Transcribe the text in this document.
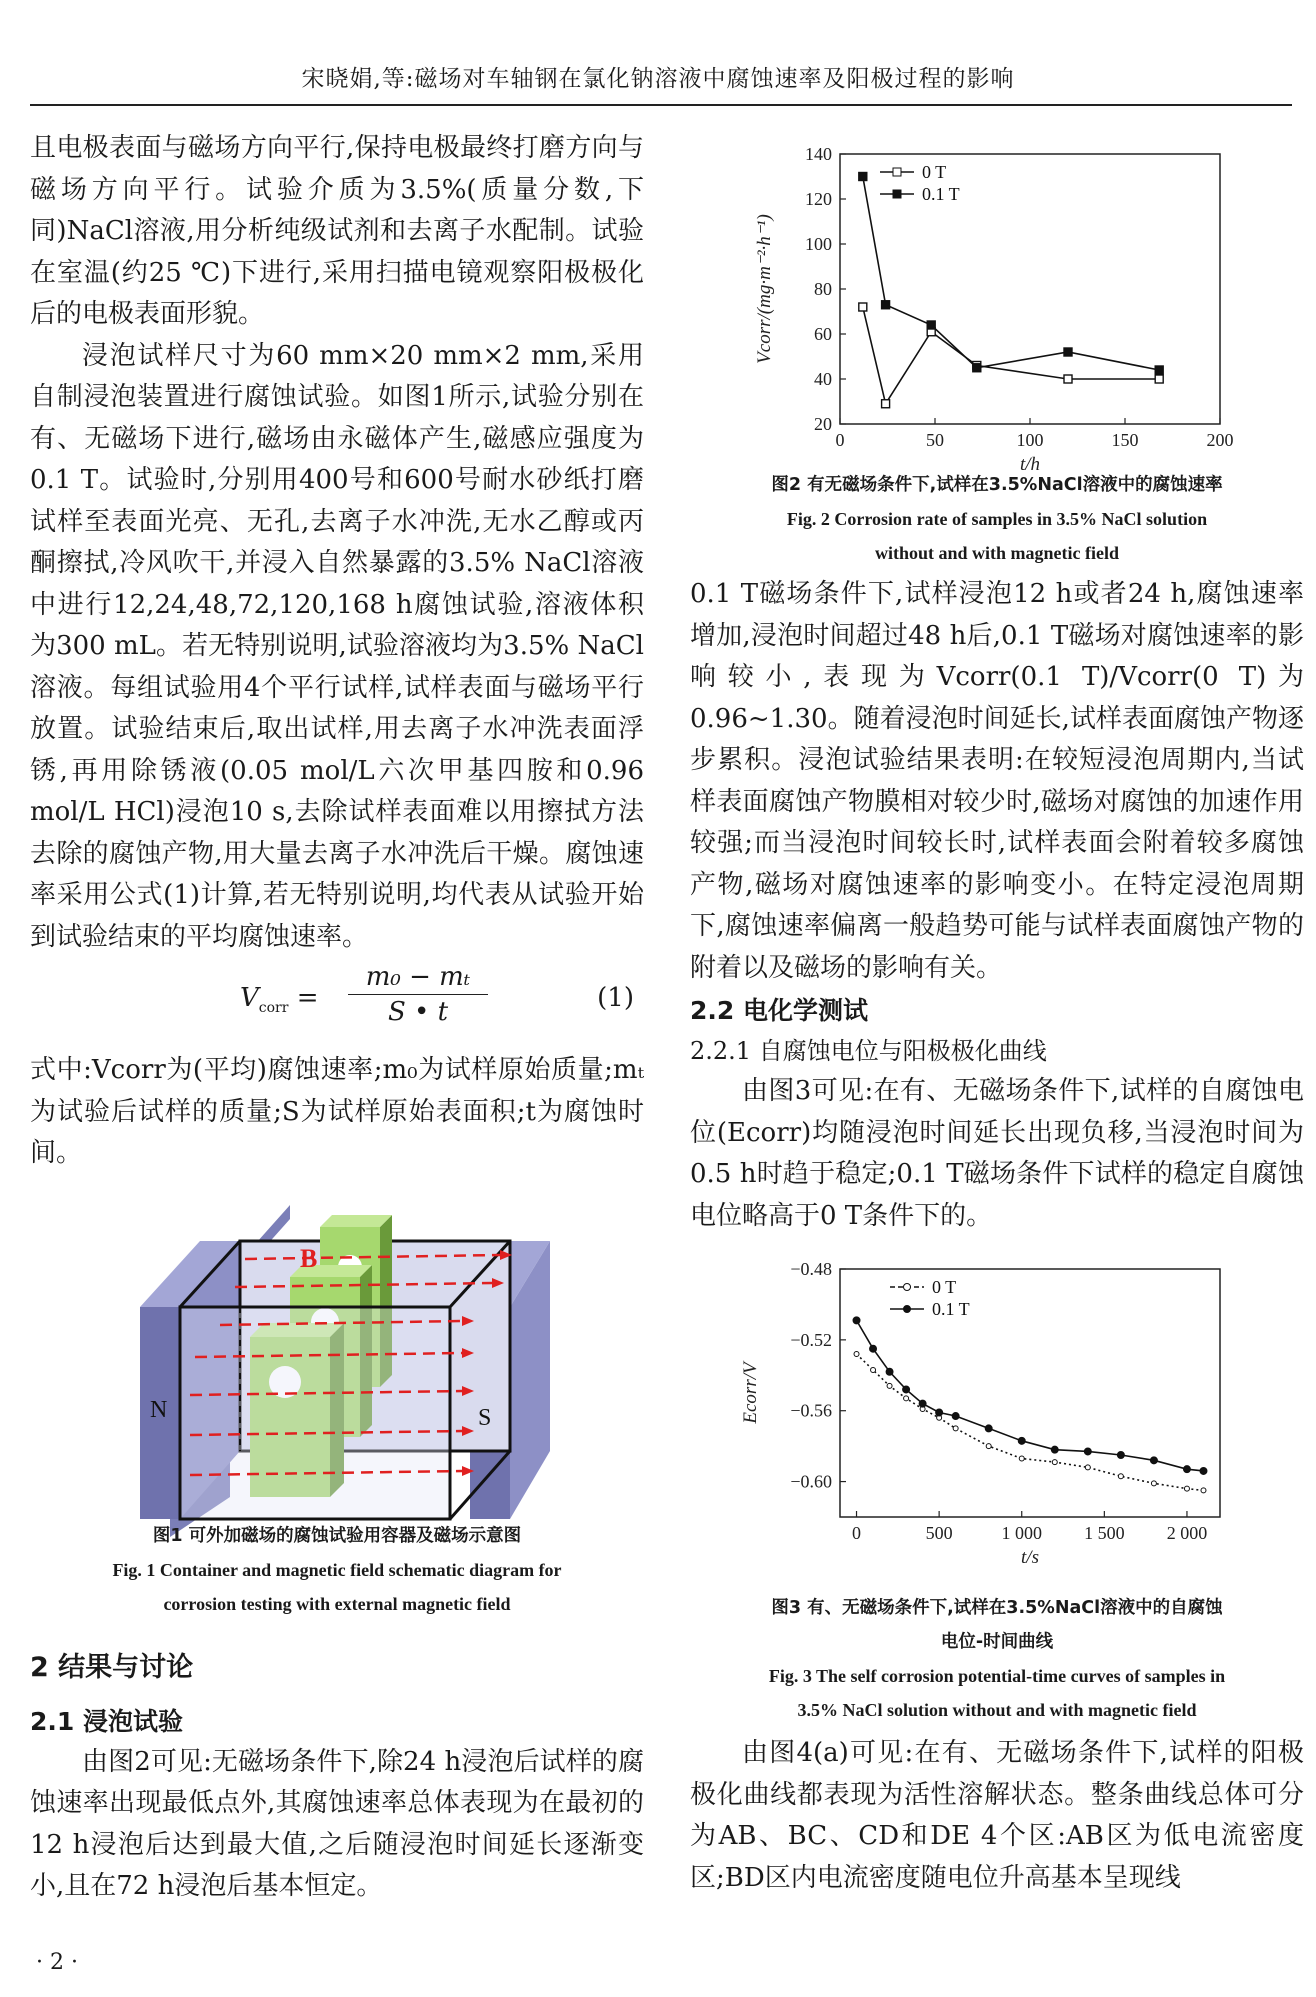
宋晓娟,等:磁场对车轴钢在氯化钠溶液中腐蚀速率及阳极过程的影响

且电极表面与磁场方向平行,保持电极最终打磨方向与磁场方向平行。试验介质为3.5%(质量分数,下同)NaCl溶液,用分析纯级试剂和去离子水配制。试验在室温(约25 ℃)下进行,采用扫描电镜观察阳极极化后的电极表面形貌。

浸泡试样尺寸为60 mm×20 mm×2 mm,采用自制浸泡装置进行腐蚀试验。如图1所示,试验分别在有、无磁场下进行,磁场由永磁体产生,磁感应强度为0.1 T。试验时,分别用400号和600号耐水砂纸打磨试样至表面光亮、无孔,去离子水冲洗,无水乙醇或丙酮擦拭,冷风吹干,并浸入自然暴露的3.5% NaCl溶液中进行12,24,48,72,120,168 h腐蚀试验,溶液体积为300 mL。若无特别说明,试验溶液均为3.5% NaCl溶液。每组试验用4个平行试样,试样表面与磁场平行放置。试验结束后,取出试样,用去离子水冲洗表面浮锈,再用除锈液(0.05 mol/L六次甲基四胺和0.96 mol/L HCl)浸泡10 s,去除试样表面难以用擦拭方法去除的腐蚀产物,用大量去离子水冲洗后干燥。腐蚀速率采用公式(1)计算,若无特别说明,均代表从试验开始到试验结束的平均腐蚀速率。

$V_{corr} = \frac{\text{m₀ − mₜ}}{S • t}$	(1)

式中:Vcorr为(平均)腐蚀速率;m₀为试样原始质量;mₜ为试验后试样的质量;S为试样原始表面积;t为腐蚀时间。

B
N	S
图1 可外加磁场的腐蚀试验用容器及磁场示意图
Fig. 1 Container and magnetic field schematic diagram for
corrosion testing with external magnetic field
2 结果与讨论
2.1 浸泡试验

由图2可见:无磁场条件下,除24 h浸泡后试样的腐蚀速率出现最低点外,其腐蚀速率总体表现为在最初的12 h浸泡后达到最大值,之后随浸泡时间延长逐渐变小,且在72 h浸泡后基本恒定。

0	50	100	150	200
20
40
60
80
100
120
140
t/h
Vcorr/(mg·m⁻²·h⁻¹)
0 T
0.1 T
图2 有无磁场条件下,试样在3.5%NaCl溶液中的腐蚀速率
Fig. 2 Corrosion rate of samples in 3.5% NaCl solution
without and with magnetic field

0.1 T磁场条件下,试样浸泡12 h或者24 h,腐蚀速率增加,浸泡时间超过48 h后,0.1 T磁场对腐蚀速率的影响较小,表现为Vcorr(0.1 T)/Vcorr(0 T)为0.96~1.30。随着浸泡时间延长,试样表面腐蚀产物逐步累积。浸泡试验结果表明:在较短浸泡周期内,当试样表面腐蚀产物膜相对较少时,磁场对腐蚀的加速作用较强;而当浸泡时间较长时,试样表面会附着较多腐蚀产物,磁场对腐蚀速率的影响变小。在特定浸泡周期下,腐蚀速率偏离一般趋势可能与试样表面腐蚀产物的附着以及磁场的影响有关。

2.2 电化学测试
2.2.1 自腐蚀电位与阳极极化曲线

由图3可见:在有、无磁场条件下,试样的自腐蚀电位(Ecorr)均随浸泡时间延长出现负移,当浸泡时间为0.5 h时趋于稳定;0.1 T磁场条件下试样的稳定自腐蚀电位略高于0 T条件下的。

0	500	1 000 1 500 2 000
−0.48
−0.52
−0.56
−0.60
t/s
Ecorr/V
0 T
0.1 T
图3 有、无磁场条件下,试样在3.5%NaCl溶液中的自腐蚀
电位-时间曲线
Fig. 3 The self corrosion potential-time curves of samples in
3.5% NaCl solution without and with magnetic field

由图4(a)可见:在有、无磁场条件下,试样的阳极极化曲线都表现为活性溶解状态。整条曲线总体可分为AB、BC、CD和DE 4个区:AB区为低电流密度区;BD区内电流密度随电位升高基本呈现线

· 2 ·
